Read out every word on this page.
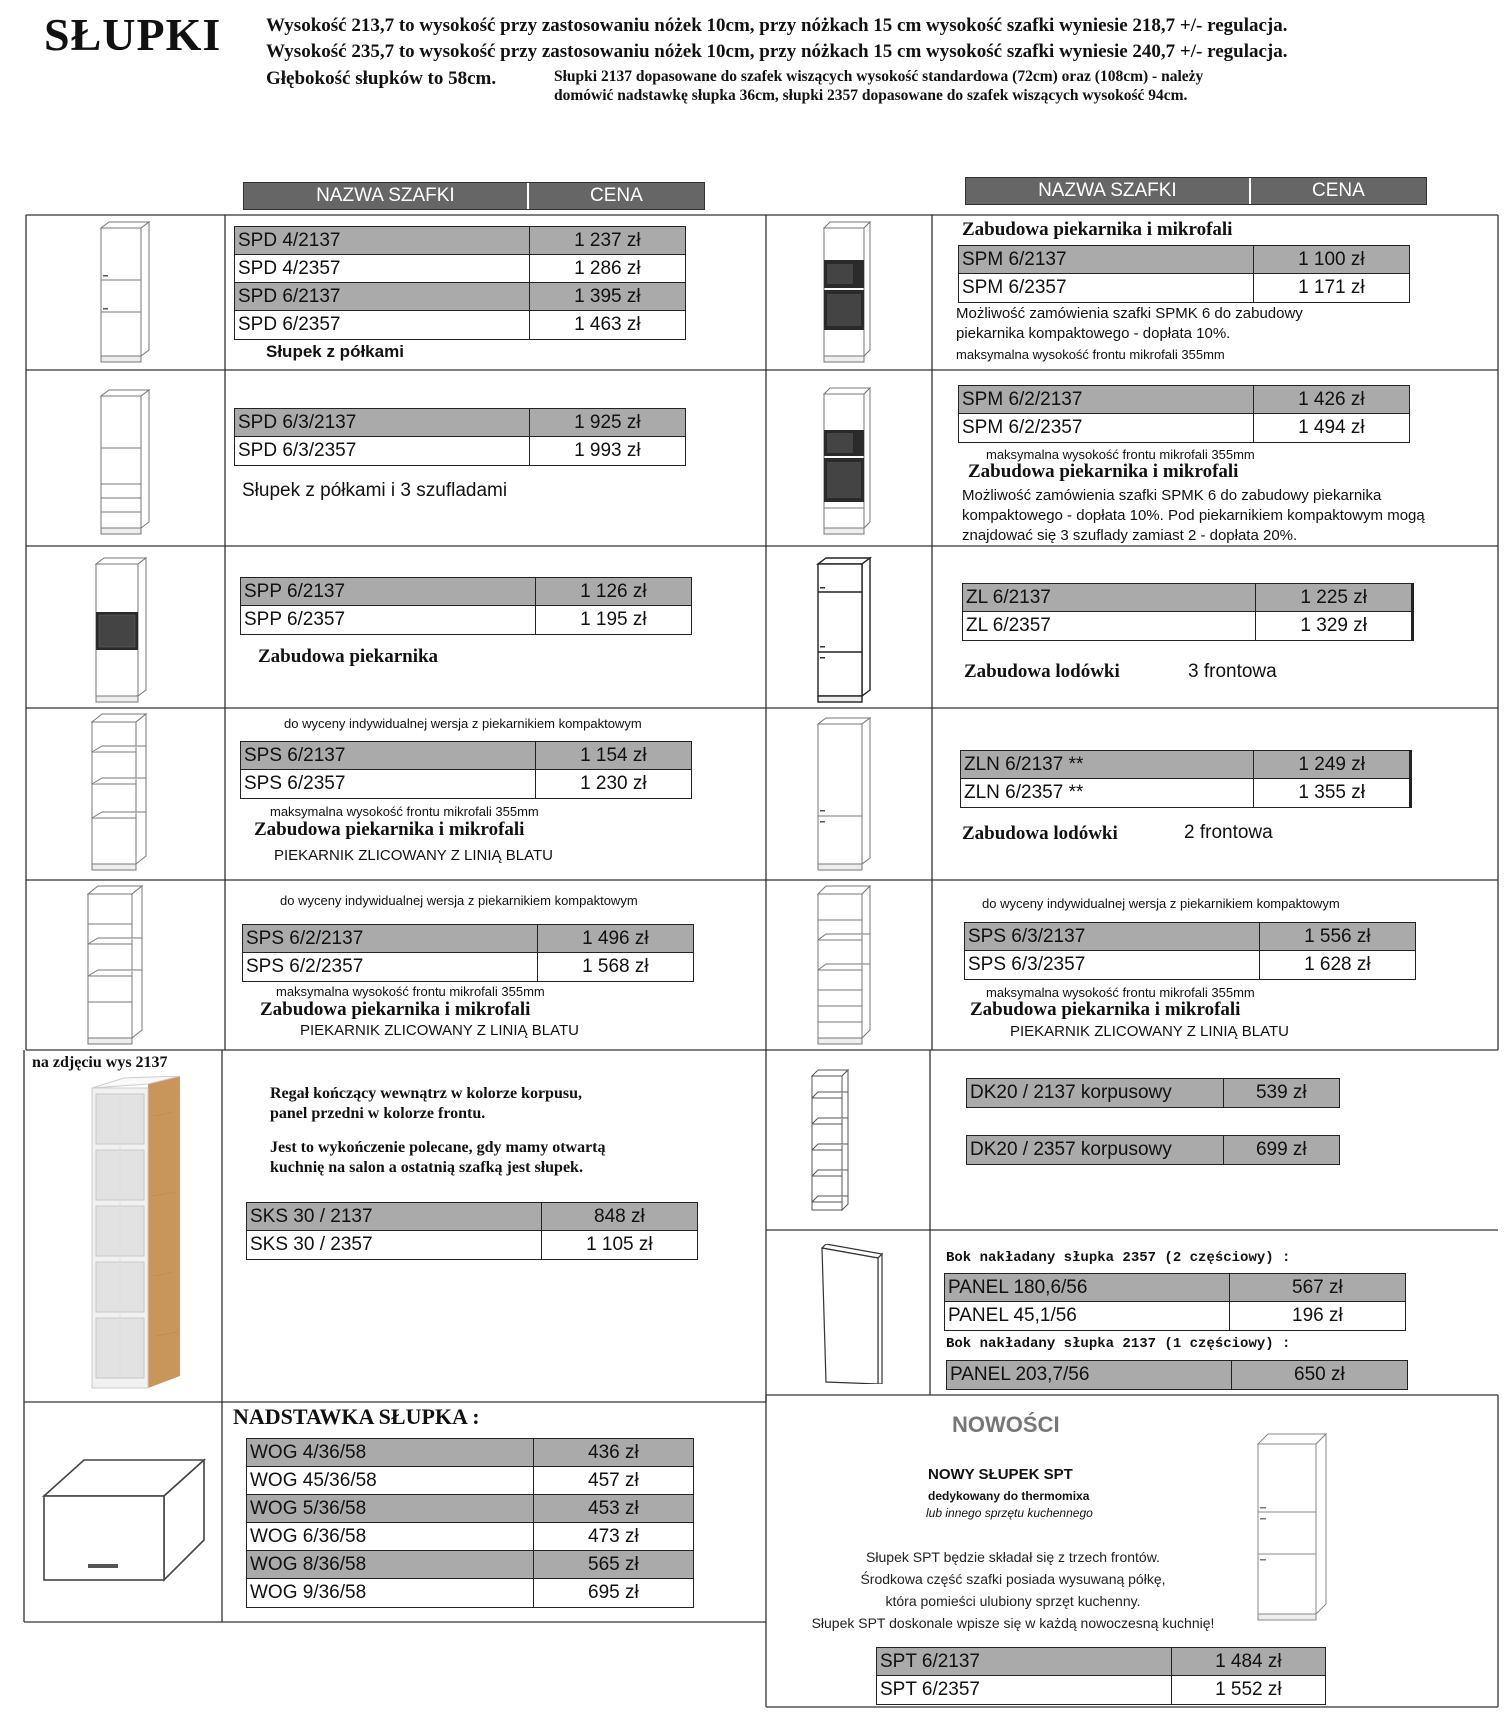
SŁUPKI Wysokość 213,7 to wysokość przy zastosowaniu nóżek 10cm, przy nóżkach 15 cm wysokość szafki wyniesie 218,7 +/- regulacja.
Wysokość 235,7 to wysokość przy zastosowaniu nóżek 10cm, przy nóżkach 15 cm wysokość szafki wyniesie 240,7 +/- regulacja.
Głębokość słupków to 58cm.	Słupki 2137 dopasowane do szafek wiszących wysokość standardowa (72cm) oraz (108cm) - należy
domówić nadstawkę słupka 36cm, słupki 2357 dopasowane do szafek wiszących wysokość 94cm.
NAZWA SZAFKI	CENA	NAZWA SZAFKI	CENA
SPD 4/2137	1 237 zł
SPD 4/2357	1 286 zł
SPD 6/2137	1 395 zł
SPD 6/2357	1 463 zł
Słupek z półkami
SPD 6/3/2137	1 925 zł
SPD 6/3/2357	1 993 zł
Słupek z półkami i 3 szufladami
SPP 6/2137	1 126 zł
SPP 6/2357	1 195 zł
Zabudowa piekarnika
do wyceny indywidualnej wersja z piekarnikiem kompaktowym
SPS 6/2137	1 154 zł
SPS 6/2357	1 230 zł
maksymalna wysokość frontu mikrofali 355mm
Zabudowa piekarnika i mikrofali
PIEKARNIK ZLICOWANY Z LINIĄ BLATU
do wyceny indywidualnej wersja z piekarnikiem kompaktowym
SPS 6/2/2137	1 496 zł
SPS 6/2/2357	1 568 zł
maksymalna wysokość frontu mikrofali 355mm
Zabudowa piekarnika i mikrofali
PIEKARNIK ZLICOWANY Z LINIĄ BLATU
na zdjęciu wys 2137
Regał kończący wewnątrz w kolorze korpusu,
panel przedni w kolorze frontu.
Jest to wykończenie polecane, gdy mamy otwartą
kuchnię na salon a ostatnią szafką jest słupek.
SKS 30 / 2137	848 zł
SKS 30 / 2357	1 105 zł
NADSTAWKA SŁUPKA :
WOG 4/36/58	436 zł
WOG 45/36/58	457 zł
WOG 5/36/58	453 zł
WOG 6/36/58	473 zł
WOG 8/36/58	565 zł
WOG 9/36/58	695 zł
Zabudowa piekarnika i mikrofali
SPM 6/2137	1 100 zł
SPM 6/2357	1 171 zł
Możliwość zamówienia szafki SPMK 6 do zabudowy
piekarnika kompaktowego - dopłata 10%.
maksymalna wysokość frontu mikrofali 355mm
SPM 6/2/2137	1 426 zł
SPM 6/2/2357	1 494 zł
maksymalna wysokość frontu mikrofali 355mm
Zabudowa piekarnika i mikrofali
Możliwość zamówienia szafki SPMK 6 do zabudowy piekarnika
kompaktowego - dopłata 10%. Pod piekarnikiem kompaktowym mogą
znajdować się 3 szuflady zamiast 2 - dopłata 20%.
ZL 6/2137	1 225 zł
ZL 6/2357	1 329 zł
Zabudowa lodówki	3 frontowa
ZLN 6/2137 **	1 249 zł
ZLN 6/2357 **	1 355 zł
Zabudowa lodówki	2 frontowa
do wyceny indywidualnej wersja z piekarnikiem kompaktowym
SPS 6/3/2137	1 556 zł
SPS 6/3/2357	1 628 zł
maksymalna wysokość frontu mikrofali 355mm
Zabudowa piekarnika i mikrofali
PIEKARNIK ZLICOWANY Z LINIĄ BLATU
DK20 / 2137 korpusowy	539 zł
DK20 / 2357 korpusowy	699 zł
Bok nakładany słupka 2357 (2 częściowy) :
PANEL 180,6/56	567 zł
PANEL 45,1/56	196 zł
Bok nakładany słupka 2137 (1 częściowy) :
PANEL 203,7/56	650 zł
NOWOŚCI
NOWY SŁUPEK SPT
dedykowany do thermomixa
lub innego sprzętu kuchennego
Słupek SPT będzie składał się z trzech frontów.
Środkowa część szafki posiada wysuwaną półkę,
która pomieści ulubiony sprzęt kuchenny.
Słupek SPT doskonale wpisze się w każdą nowoczesną kuchnię!
SPT 6/2137	1 484 zł
SPT 6/2357	1 552 zł
